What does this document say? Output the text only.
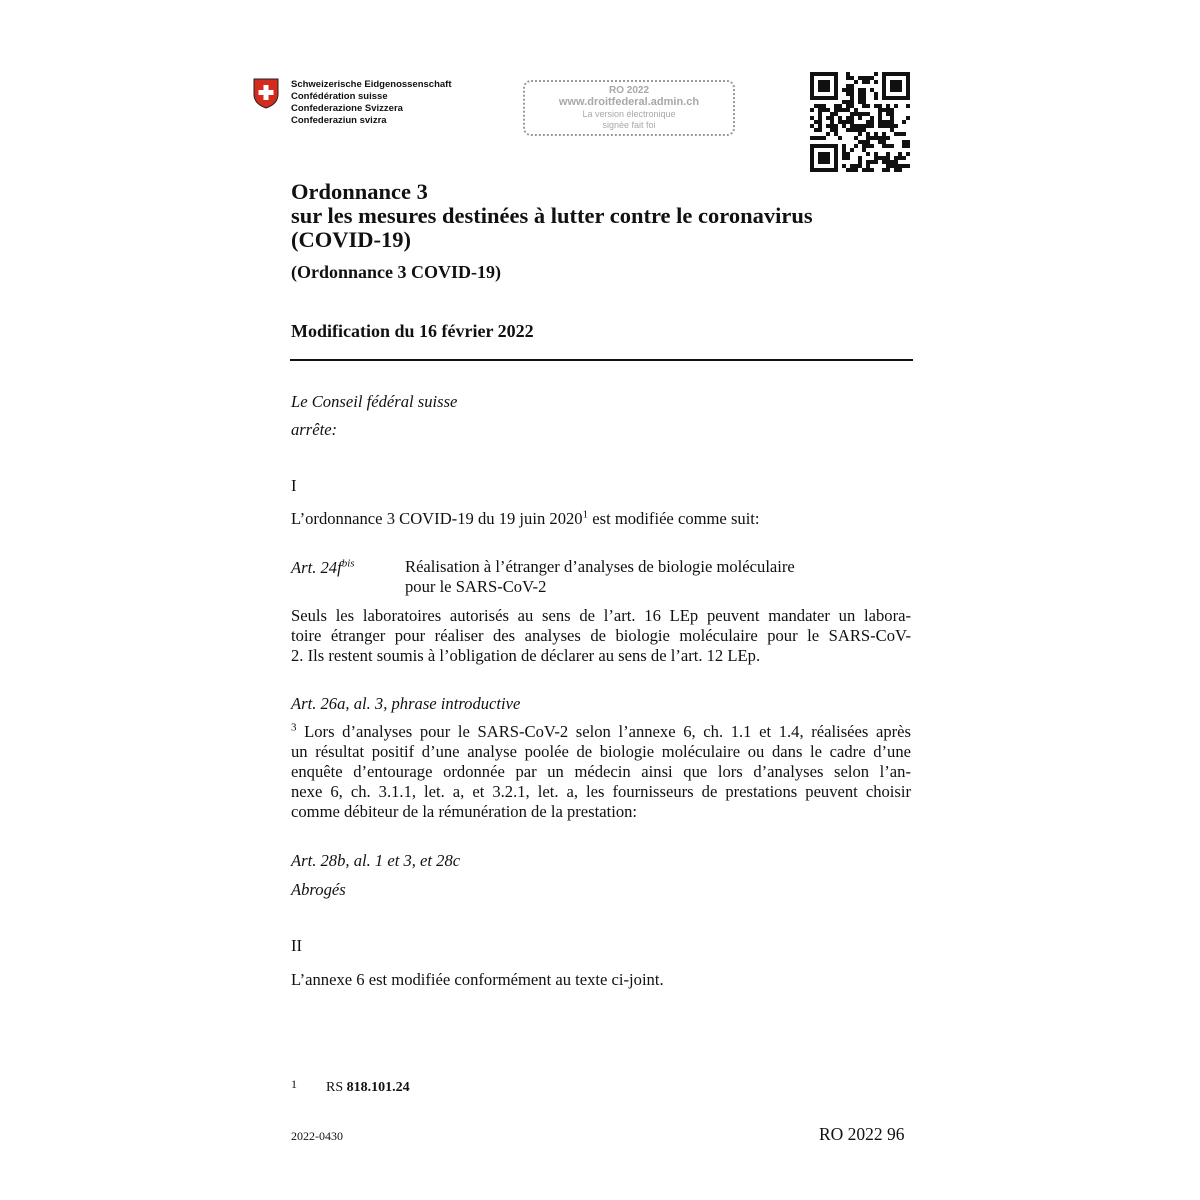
Schweizerische Eidgenossenschaft
Confédération suisse
Confederazione Svizzera
Confederaziun svizra
RO 2022
www.droitfederal.admin.ch
La version électronique
signée fait foi
Ordonnance 3
sur les mesures destinées à lutter contre le coronavirus
(COVID-19)
(Ordonnance 3 COVID-19)
Modification du 16 février 2022
Le Conseil fédéral suisse
arrête:
I
L’ordonnance 3 COVID-19 du 19 juin 2020$^1$ est modifiée comme suit:
Art. $24f^{bis}$	Réalisation à l’étranger d’analyses de biologie moléculaire
pour le SARS-CoV-2
Seuls les laboratoires autorisés au sens de l’art. 16 LEp peuvent mandater un labora-
toire étranger pour réaliser des analyses de biologie moléculaire pour le SARS-CoV-
2. Ils restent soumis à l’obligation de déclarer au sens de l’art. 12 LEp.
Art. 26a, al. 3, phrase introductive
$^3$ Lors d’analyses pour le SARS-CoV-2 selon l’annexe 6, ch. 1.1 et 1.4, réalisées après
un résultat positif d’une analyse poolée de biologie moléculaire ou dans le cadre d’une
enquête d’entourage ordonnée par un médecin ainsi que lors d’analyses selon l’an-
nexe 6, ch. 3.1.1, let. a, et 3.2.1, let. a, les fournisseurs de prestations peuvent choisir
comme débiteur de la rémunération de la prestation:
Art. 28b, al. 1 et 3, et 28c
Abrogés
II
L’annexe 6 est modifiée conformément au texte ci-joint.
1 RS 818.101.24
2022-0430	RO 2022 96
